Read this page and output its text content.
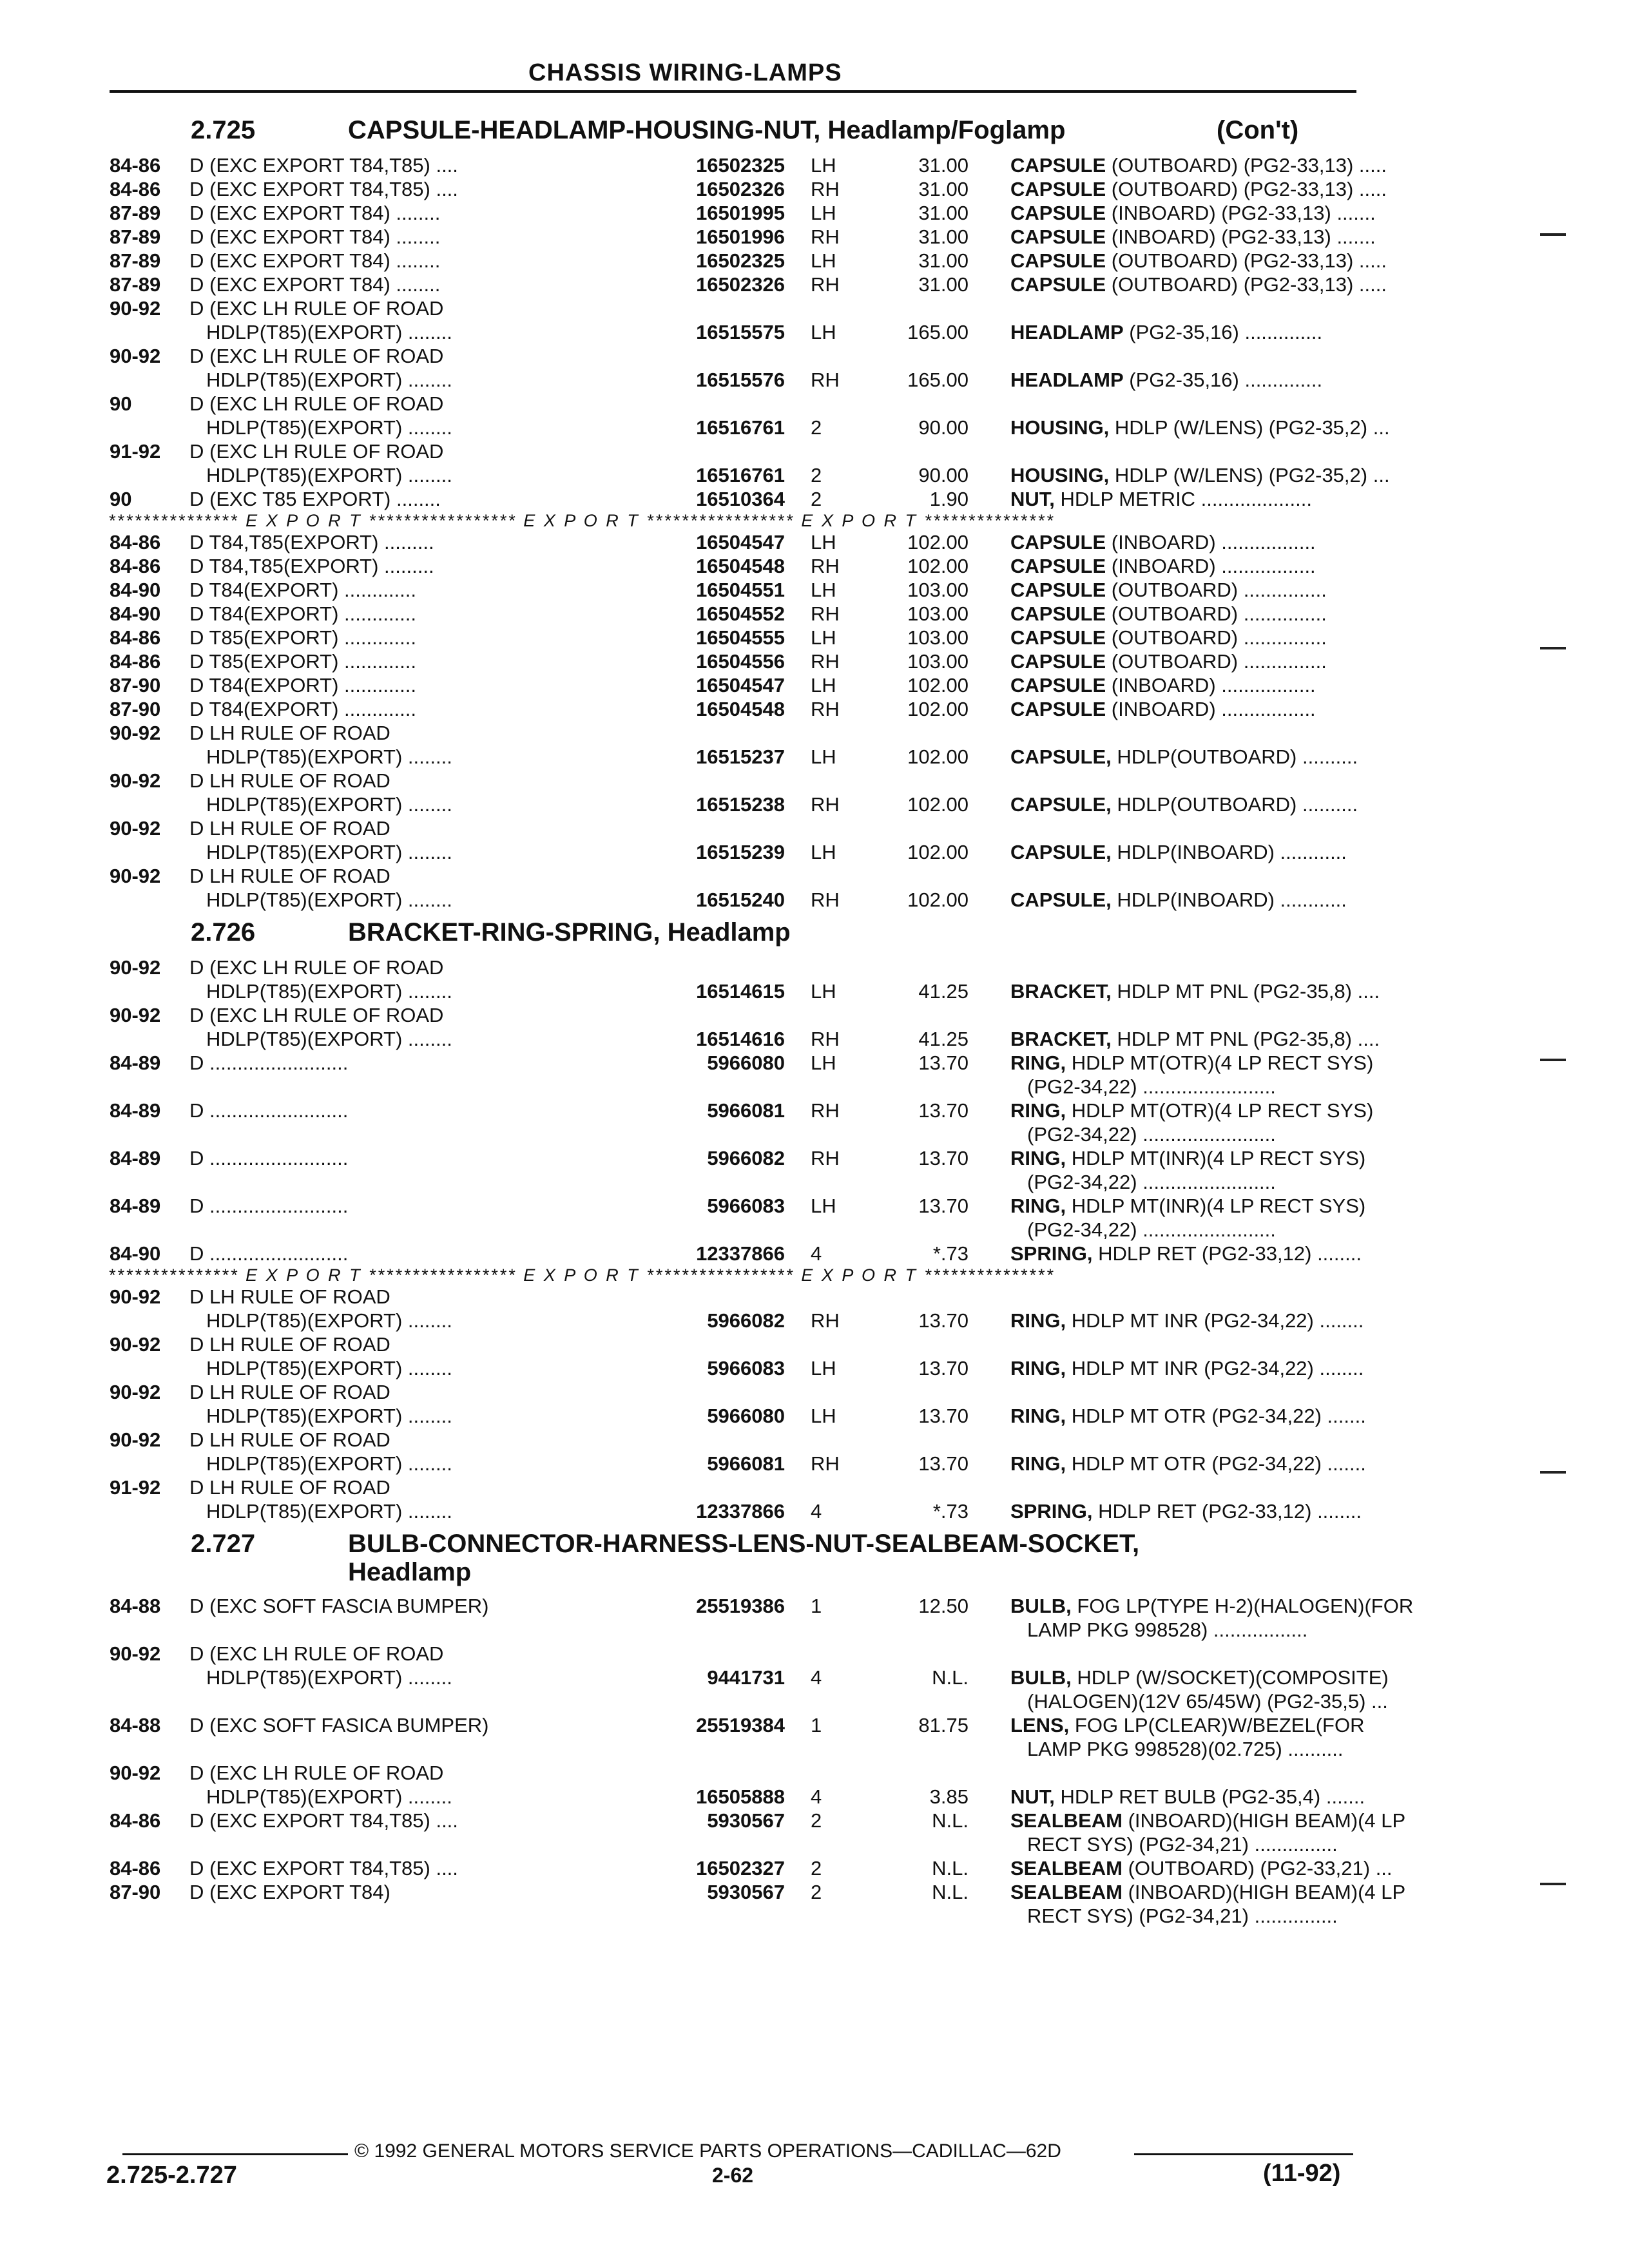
CHASSIS WIRING-LAMPS
2.725	CAPSULE-HEADLAMP-HOUSING-NUT, Headlamp/Foglamp	(Con't)
84-86 D (EXC EXPORT T84,T85) ....	16502325 LH	31.00 CAPSULE (OUTBOARD) (PG2-33,13) .....
84-86 D (EXC EXPORT T84,T85) ....	16502326 RH	31.00 CAPSULE (OUTBOARD) (PG2-33,13) .....
87-89 D (EXC EXPORT T84) ........	16501995 LH	31.00 CAPSULE (INBOARD) (PG2-33,13) .......
87-89 D (EXC EXPORT T84) ........	16501996 RH	31.00 CAPSULE (INBOARD) (PG2-33,13) .......
87-89 D (EXC EXPORT T84) ........	16502325 LH	31.00 CAPSULE (OUTBOARD) (PG2-33,13) .....
87-89 D (EXC EXPORT T84) ........	16502326 RH	31.00 CAPSULE (OUTBOARD) (PG2-33,13) .....
90-92 D (EXC LH RULE OF ROAD
HDLP(T85)(EXPORT) ........	16515575 LH	165.00 HEADLAMP (PG2-35,16) ..............
90-92 D (EXC LH RULE OF ROAD
HDLP(T85)(EXPORT) ........	16515576 RH	165.00 HEADLAMP (PG2-35,16) ..............
90	D (EXC LH RULE OF ROAD
HDLP(T85)(EXPORT) ........	16516761 2	90.00 HOUSING, HDLP (W/LENS) (PG2-35,2) ...
91-92 D (EXC LH RULE OF ROAD
HDLP(T85)(EXPORT) ........	16516761 2	90.00 HOUSING, HDLP (W/LENS) (PG2-35,2) ...
90	D (EXC T85 EXPORT) ........	16510364 2	1.90 NUT, HDLP METRIC ....................
*************** E X P O R T ***************** E X P O R T ***************** E X P O R T ***************
84-86 D T84,T85(EXPORT) .........	16504547 LH	102.00 CAPSULE (INBOARD) .................
84-86 D T84,T85(EXPORT) .........	16504548 RH	102.00 CAPSULE (INBOARD) .................
84-90 D T84(EXPORT) .............	16504551 LH	103.00 CAPSULE (OUTBOARD) ...............
84-90 D T84(EXPORT) .............	16504552 RH	103.00 CAPSULE (OUTBOARD) ...............
84-86 D T85(EXPORT) .............	16504555 LH	103.00 CAPSULE (OUTBOARD) ...............
84-86 D T85(EXPORT) .............	16504556 RH	103.00 CAPSULE (OUTBOARD) ...............
87-90 D T84(EXPORT) .............	16504547 LH	102.00 CAPSULE (INBOARD) .................
87-90 D T84(EXPORT) .............	16504548 RH	102.00 CAPSULE (INBOARD) .................
90-92 D LH RULE OF ROAD
HDLP(T85)(EXPORT) ........	16515237 LH	102.00 CAPSULE, HDLP(OUTBOARD) ..........
90-92 D LH RULE OF ROAD
HDLP(T85)(EXPORT) ........	16515238 RH	102.00 CAPSULE, HDLP(OUTBOARD) ..........
90-92 D LH RULE OF ROAD
HDLP(T85)(EXPORT) ........	16515239 LH	102.00 CAPSULE, HDLP(INBOARD) ............
90-92 D LH RULE OF ROAD
HDLP(T85)(EXPORT) ........	16515240 RH	102.00 CAPSULE, HDLP(INBOARD) ............
2.726	BRACKET-RING-SPRING, Headlamp
90-92 D (EXC LH RULE OF ROAD
HDLP(T85)(EXPORT) ........	16514615 LH	41.25 BRACKET, HDLP MT PNL (PG2-35,8) ....
90-92 D (EXC LH RULE OF ROAD
HDLP(T85)(EXPORT) ........	16514616 RH	41.25 BRACKET, HDLP MT PNL (PG2-35,8) ....
84-89 D .........................	5966080 LH	13.70 RING, HDLP MT(OTR)(4 LP RECT SYS)
(PG2-34,22) ........................
84-89 D .........................	5966081 RH	13.70 RING, HDLP MT(OTR)(4 LP RECT SYS)
(PG2-34,22) ........................
84-89 D .........................	5966082 RH	13.70 RING, HDLP MT(INR)(4 LP RECT SYS)
(PG2-34,22) ........................
84-89 D .........................	5966083 LH	13.70 RING, HDLP MT(INR)(4 LP RECT SYS)
(PG2-34,22) ........................
84-90 D .........................	12337866 4	*.73 SPRING, HDLP RET (PG2-33,12) ........
*************** E X P O R T ***************** E X P O R T ***************** E X P O R T ***************
90-92 D LH RULE OF ROAD
HDLP(T85)(EXPORT) ........	5966082 RH	13.70 RING, HDLP MT INR (PG2-34,22) ........
90-92 D LH RULE OF ROAD
HDLP(T85)(EXPORT) ........	5966083 LH	13.70 RING, HDLP MT INR (PG2-34,22) ........
90-92 D LH RULE OF ROAD
HDLP(T85)(EXPORT) ........	5966080 LH	13.70 RING, HDLP MT OTR (PG2-34,22) .......
90-92 D LH RULE OF ROAD
HDLP(T85)(EXPORT) ........	5966081 RH	13.70 RING, HDLP MT OTR (PG2-34,22) .......
91-92 D LH RULE OF ROAD
HDLP(T85)(EXPORT) ........	12337866 4	*.73 SPRING, HDLP RET (PG2-33,12) ........
2.727	BULB-CONNECTOR-HARNESS-LENS-NUT-SEALBEAM-SOCKET,
Headlamp
84-88 D (EXC SOFT FASCIA BUMPER)	25519386 1	12.50 BULB, FOG LP(TYPE H-2)(HALOGEN)(FOR
LAMP PKG 998528) .................
90-92 D (EXC LH RULE OF ROAD
HDLP(T85)(EXPORT) ........	9441731 4	N.L. BULB, HDLP (W/SOCKET)(COMPOSITE)
(HALOGEN)(12V 65/45W) (PG2-35,5) ...
84-88 D (EXC SOFT FASICA BUMPER)	25519384 1	81.75 LENS, FOG LP(CLEAR)W/BEZEL(FOR
LAMP PKG 998528)(02.725) ..........
90-92 D (EXC LH RULE OF ROAD
HDLP(T85)(EXPORT) ........	16505888 4	3.85 NUT, HDLP RET BULB (PG2-35,4) .......
84-86 D (EXC EXPORT T84,T85) ....	5930567 2	N.L. SEALBEAM (INBOARD)(HIGH BEAM)(4 LP
RECT SYS) (PG2-34,21) ...............
84-86 D (EXC EXPORT T84,T85) ....	16502327 2	N.L. SEALBEAM (OUTBOARD) (PG2-33,21) ...
87-90 D (EXC EXPORT T84)	5930567 2	N.L. SEALBEAM (INBOARD)(HIGH BEAM)(4 LP
RECT SYS) (PG2-34,21) ...............
© 1992 GENERAL MOTORS SERVICE PARTS OPERATIONS—CADILLAC—62D
2.725-2.727	2-62	(11-92)
